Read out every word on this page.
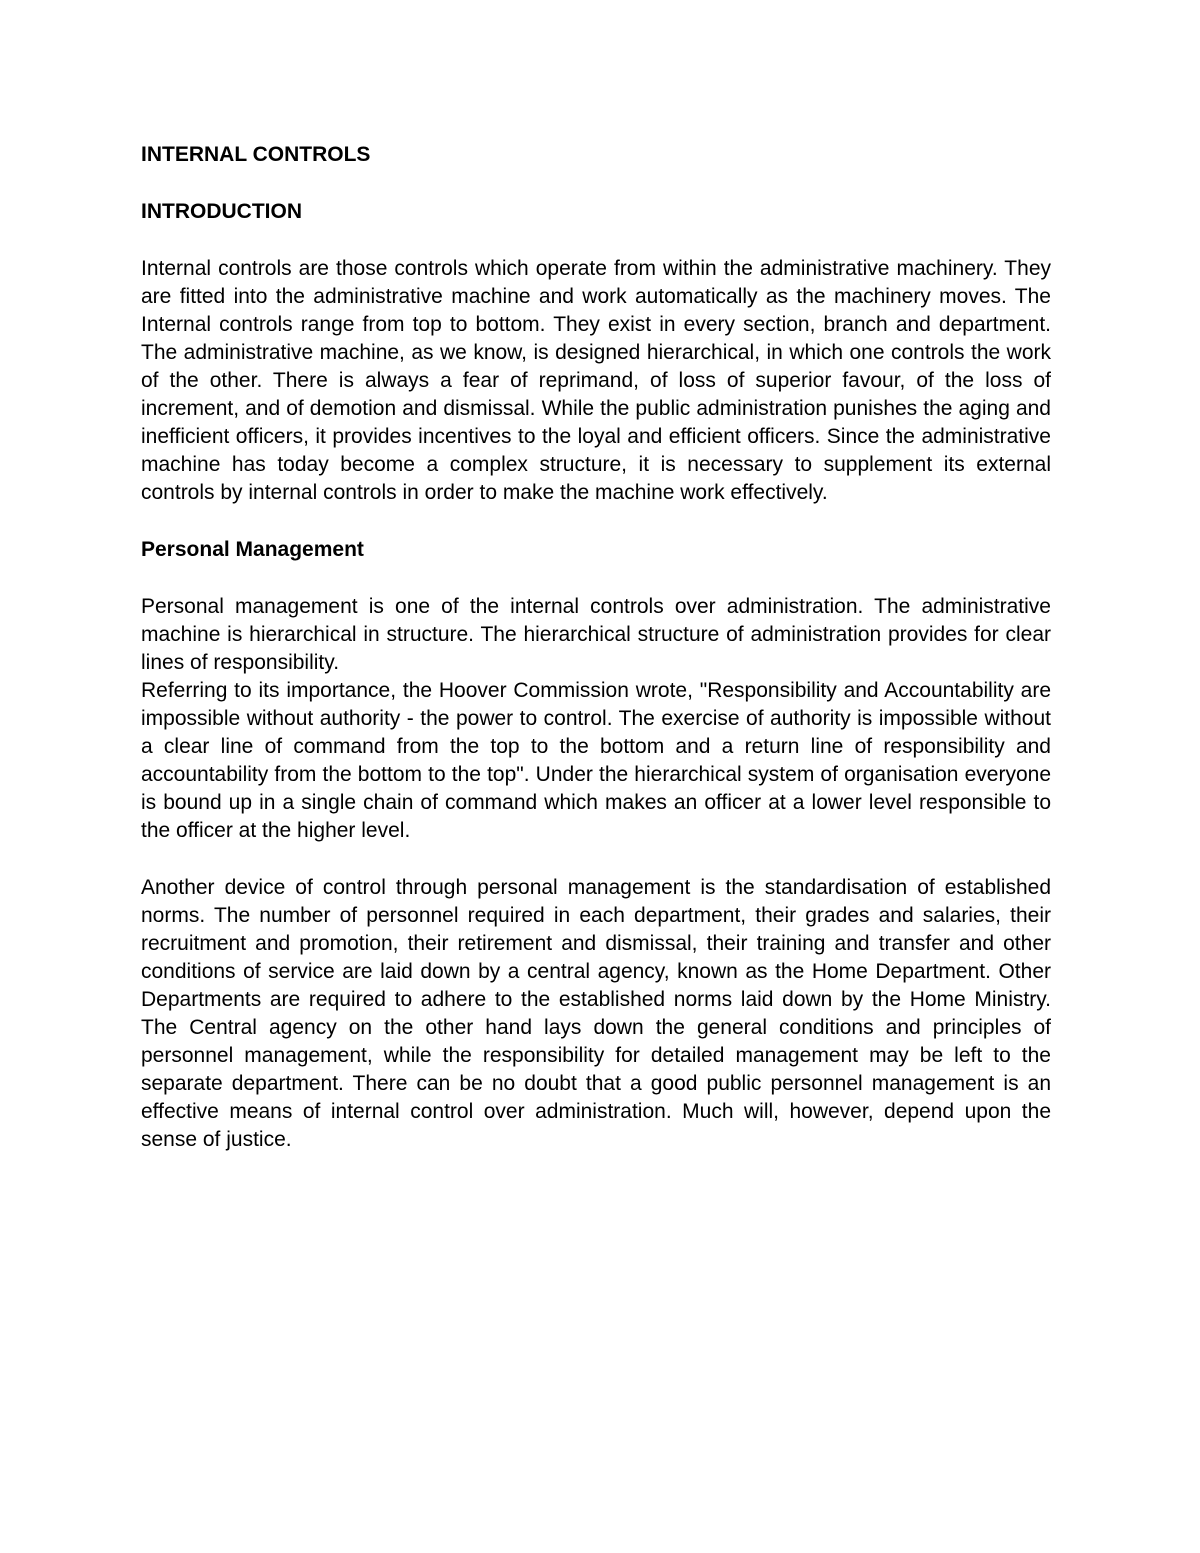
INTERNAL CONTROLS
INTRODUCTION

Internal controls are those controls which operate from within the administrative machinery. They are fitted into the administrative machine and work automatically as the machinery moves. The Internal controls range from top to bottom. They exist in every section, branch and department. The administrative machine, as we know, is designed hierarchical, in which one controls the work of the other. There is always a fear of reprimand, of loss of superior favour, of the loss of increment, and of demotion and dismissal. While the public administration punishes the aging and inefficient officers, it provides incentives to the loyal and efficient officers. Since the administrative machine has today become a complex structure, it is necessary to supplement its external controls by internal controls in order to make the machine work effectively.

Personal Management

Personal management is one of the internal controls over administration. The administrative machine is hierarchical in structure. The hierarchical structure of administration provides for clear lines of responsibility.

Referring to its importance, the Hoover Commission wrote, "Responsibility and Accountability are impossible without authority - the power to control. The exercise of authority is impossible without a clear line of command from the top to the bottom and a return line of responsibility and accountability from the bottom to the top". Under the hierarchical system of organisation everyone is bound up in a single chain of command which makes an officer at a lower level responsible to the officer at the higher level.

Another device of control through personal management is the standardisation of established norms. The number of personnel required in each department, their grades and salaries, their recruitment and promotion, their retirement and dismissal, their training and transfer and other conditions of service are laid down by a central agency, known as the Home Department. Other Departments are required to adhere to the established norms laid down by the Home Ministry. The Central agency on the other hand lays down the general conditions and principles of personnel management, while the responsibility for detailed management may be left to the separate department. There can be no doubt that a good public personnel management is an effective means of internal control over administration. Much will, however, depend upon the sense of justice.
